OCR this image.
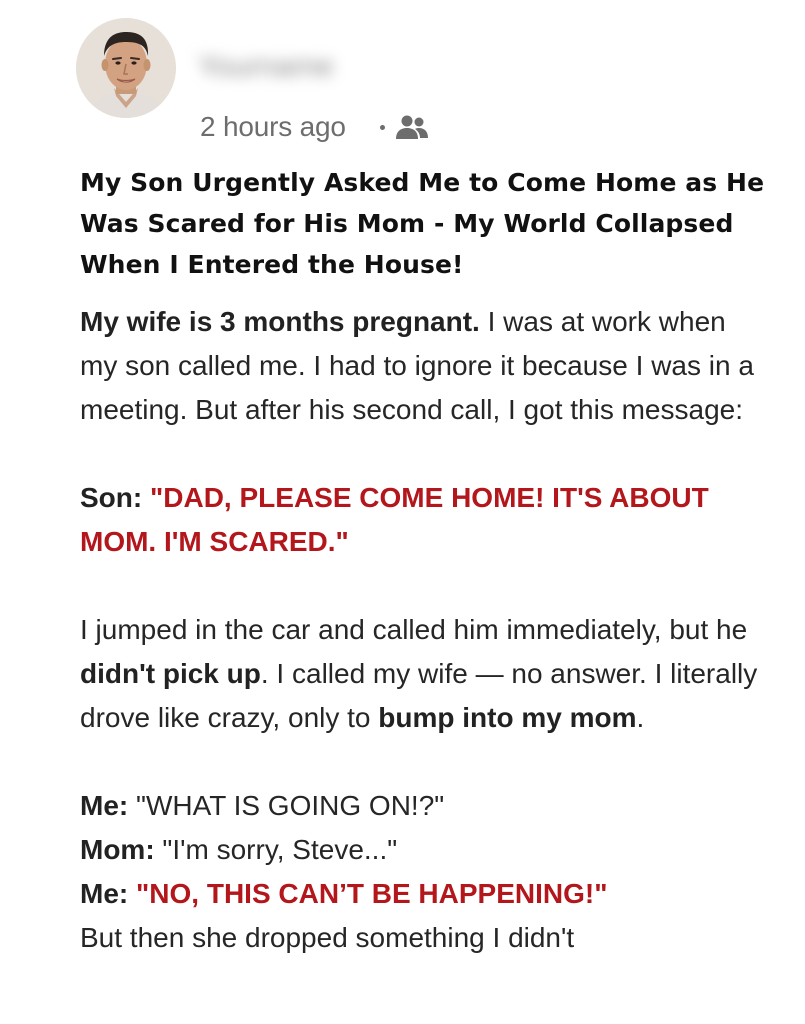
Yourname
2 hours ago
My Son Urgently Asked Me to Come Home as He Was Scared for His Mom - My World Collapsed When I Entered the House!

My wife is 3 months pregnant. I was at work when my son called me. I had to ignore it because I was in a meeting. But after his second call, I got this message:

Son: "DAD, PLEASE COME HOME! IT'S ABOUT MOM. I'M SCARED."

I jumped in the car and called him immediately, but he didn't pick up. I called my wife — no answer. I literally drove like crazy, only to bump into my mom.

Me: "WHAT IS GOING ON!?"

Mom: "I'm sorry, Steve..."

Me: "NO, THIS CAN’T BE HAPPENING!"

But then she dropped something I didn't
